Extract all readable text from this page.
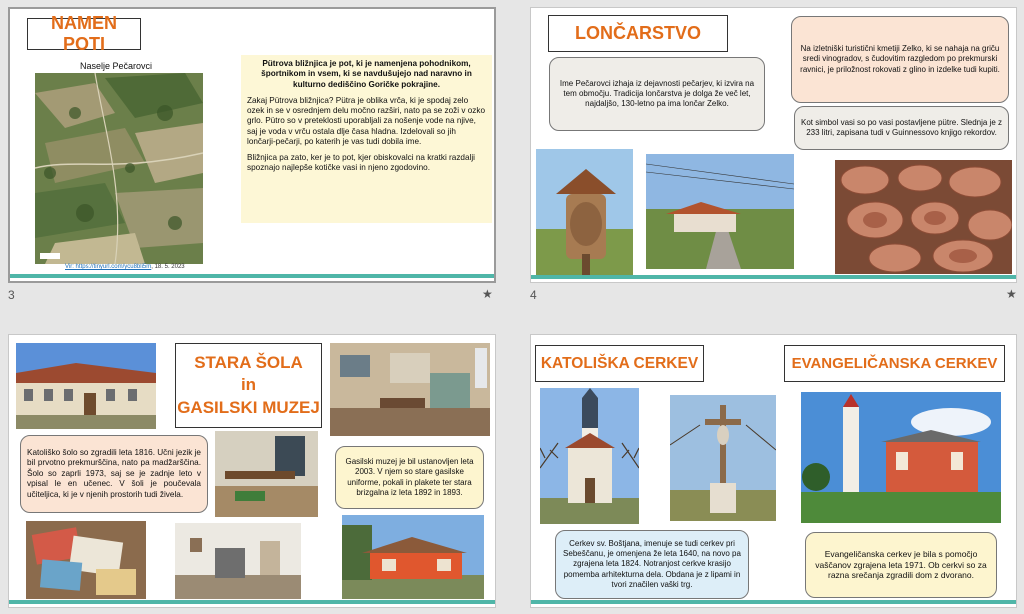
NAMEN POTI
Naselje Pečarovci
Vir: https://tinyurl.com/ycu8bli5m, 18. 5. 2023

Pütrova bližnjica je pot, ki je namenjena pohodnikom, športnikom in vsem, ki se navdušujejo nad naravno in kulturno dediščino Goričke pokrajine.

Zakaj Pütrova bližnjica? Pütra je oblika vrča, ki je spodaj zelo ozek in se v osrednjem delu močno razširi, nato pa se zoži v ozko grlo. Pütro so v preteklosti uporabljali za nošenje vode na njive, saj je voda v vrču ostala dlje časa hladna. Izdelovali so jih lončarji-pečarji, po katerih je vas tudi dobila ime.

Bližnjica pa zato, ker je to pot, kjer obiskovalci na kratki razdalji spoznajo najlepše kotičke vasi in njeno zgodovino.

3
LONČARSTVO
Ime Pečarovci izhaja iz dejavnosti pečarjev, ki izvira na tem območju. Tradicija lončarstva je dolga že več let, najdaljšo, 130-letno pa ima lončar Zelko.
Na izletniški turistični kmetiji Zelko, ki se nahaja na griču sredi vinogradov, s čudovitim razgledom po prekmurski ravnici, je priložnost rokovati z glino in izdelke tudi kupiti.
Kot simbol vasi so po vasi postavljene pütre. Slednja je z 233 litri, zapisana tudi v Guinnessovo knjigo rekordov.
4
★	★
STARA ŠOLA
in
GASILSKI MUZEJ
Katoliško šolo so zgradili leta 1816. Učni jezik je bil prvotno prekmurščina, nato pa madžarščina. Šolo so zaprli 1973, saj se je zadnje leto v vpisal le en učenec. V šoli je poučevala učiteljica, ki je v njenih prostorih tudi živela.
Gasilski muzej je bil ustanovljen leta 2003. V njem so stare gasilske uniforme, pokali in plakete ter stara brizgalna iz leta 1892 in 1893.
KATOLIŠKA CERKEV	EVANGELIČANSKA CERKEV
Cerkev sv. Boštjana, imenuje se tudi cerkev pri Sebeščanu, je omenjena že leta 1640, na novo pa zgrajena leta 1824. Notranjost cerkve krasijo pomemba arhitekturna dela. Obdana je z lipami in tvori značilen vaški trg.
Evangeličanska cerkev je bila s pomočjo vaščanov zgrajena leta 1971. Ob cerkvi so za razna srečanja zgradili dom z dvorano.
